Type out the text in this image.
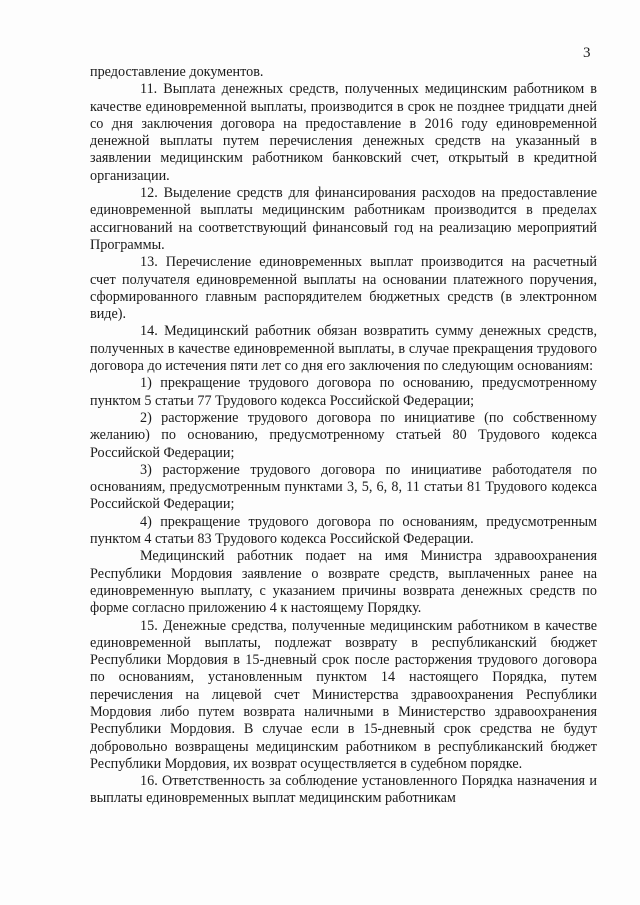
3

предоставление документов.

11. Выплата денежных средств, полученных медицинским работником в качестве единовременной выплаты, производится в срок не позднее тридцати дней со дня заключения договора на предоставление в 2016 году единовременной денежной выплаты путем перечисления денежных средств на указанный в заявлении медицинским работником банковский счет, открытый в кредитной организации.

12. Выделение средств для финансирования расходов на предоставление единовременной выплаты медицинским работникам производится в пределах ассигнований на соответствующий финансовый год на реализацию мероприятий Программы.

13. Перечисление единовременных выплат производится на расчетный счет получателя единовременной выплаты на основании платежного поручения, сформированного главным распорядителем бюджетных средств (в электронном виде).

14. Медицинский работник обязан возвратить сумму денежных средств, полученных в качестве единовременной выплаты, в случае прекращения трудового договора до истечения пяти лет со дня его заключения по следующим основаниям:

1) прекращение трудового договора по основанию, предусмотренному пунктом 5 статьи 77 Трудового кодекса Российской Федерации;

2) расторжение трудового договора по инициативе (по собственному желанию) по основанию, предусмотренному статьей 80 Трудового кодекса Российской Федерации;

3) расторжение трудового договора по инициативе работодателя по основаниям, предусмотренным пунктами 3, 5, 6, 8, 11 статьи 81 Трудового кодекса Российской Федерации;

4) прекращение трудового договора по основаниям, предусмотренным пунктом 4 статьи 83 Трудового кодекса Российской Федерации.

Медицинский работник подает на имя Министра здравоохранения Республики Мордовия заявление о возврате средств, выплаченных ранее на единовременную выплату, с указанием причины возврата денежных средств по форме согласно приложению 4 к настоящему Порядку.

15. Денежные средства, полученные медицинским работником в качестве единовременной выплаты, подлежат возврату в республиканский бюджет Республики Мордовия в 15-дневный срок после расторжения трудового договора по основаниям, установленным пунктом 14 настоящего Порядка, путем перечисления на лицевой счет Министерства здравоохранения Республики Мордовия либо путем возврата наличными в Министерство здравоохранения Республики Мордовия. В случае если в 15-дневный срок средства не будут добровольно возвращены медицинским работником в республиканский бюджет Республики Мордовия, их возврат осуществляется в судебном порядке.

16. Ответственность за соблюдение установленного Порядка назначения и выплаты единовременных выплат медицинским работникам
